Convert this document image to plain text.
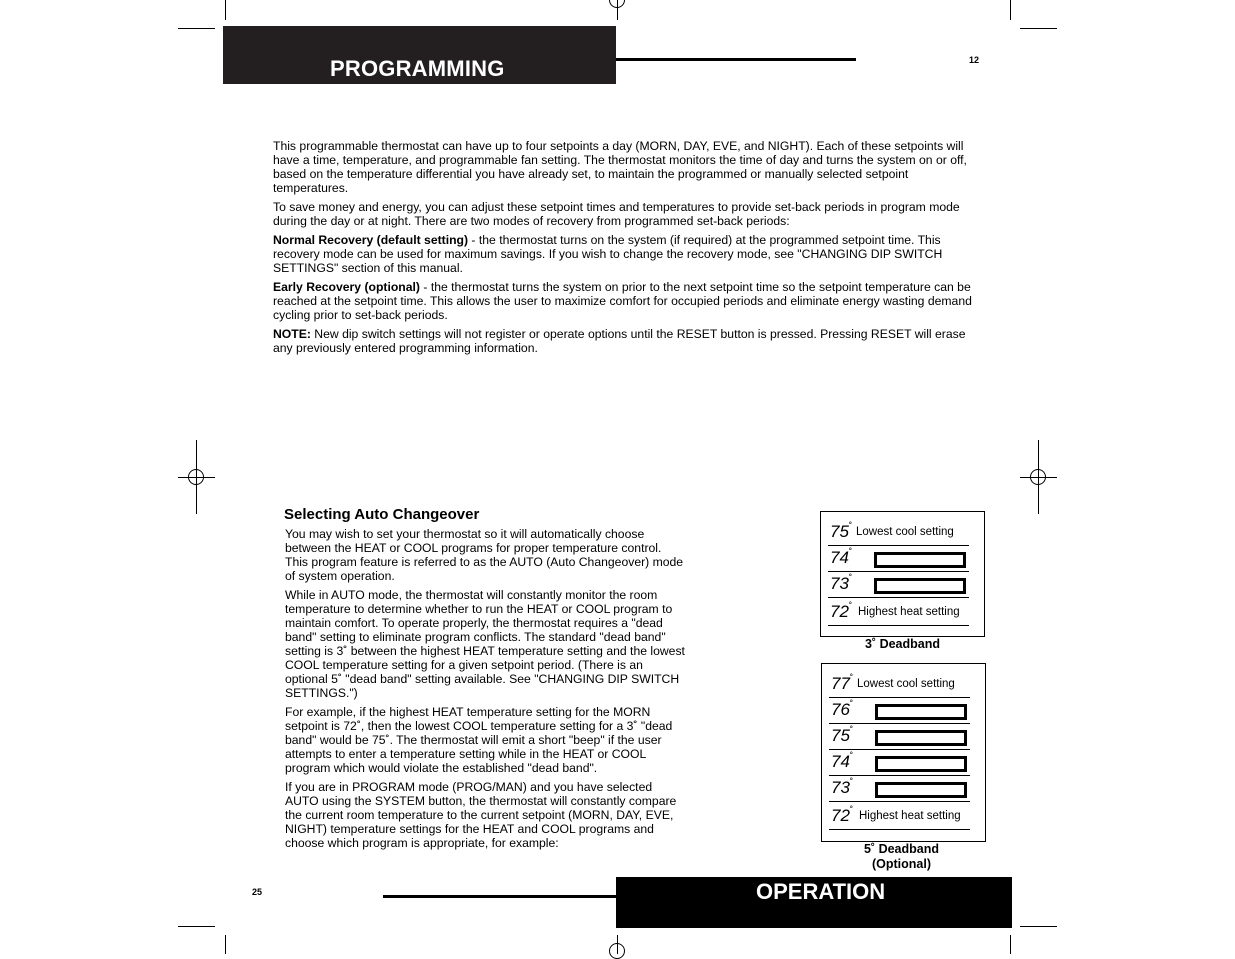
PROGRAMMING	12

This programmable thermostat can have up to four setpoints a day (MORN, DAY, EVE, and NIGHT). Each of these setpoints will have a time, temperature, and programmable fan setting. The thermostat monitors the time of day and turns the system on or off, based on the temperature differential you have already set, to maintain the programmed or manually selected setpoint temperatures.

To save money and energy, you can adjust these setpoint times and temperatures to provide set-back periods in program mode during the day or at night. There are two modes of recovery from programmed set-back periods:

Normal Recovery (default setting) - the thermostat turns on the system (if required) at the programmed setpoint time. This recovery mode can be used for maximum savings. If you wish to change the recovery mode, see "CHANGING DIP SWITCH SETTINGS" section of this manual.

Early Recovery (optional) - the thermostat turns the system on prior to the next setpoint time so the setpoint temperature can be reached at the setpoint time. This allows the user to maximize comfort for occupied periods and eliminate energy wasting demand cycling prior to set-back periods.

NOTE: New dip switch settings will not register or operate options until the RESET button is pressed. Pressing RESET will erase any previously entered programming information.

Selecting Auto Changeover

You may wish to set your thermostat so it will automatically choose between the HEAT or COOL programs for proper temperature control. This program feature is referred to as the AUTO (Auto Changeover) mode of system operation.

While in AUTO mode, the thermostat will constantly monitor the room temperature to determine whether to run the HEAT or COOL program to maintain comfort. To operate properly, the thermostat requires a "dead band" setting to eliminate program conflicts. The standard "dead band" setting is 3˚ between the highest HEAT temperature setting and the lowest COOL temperature setting for a given setpoint period. (There is an optional 5˚ "dead band" setting available. See "CHANGING DIP SWITCH SETTINGS.")

For example, if the highest HEAT temperature setting for the MORN setpoint is 72˚, then the lowest COOL temperature setting for a 3˚ "dead band" would be 75˚. The thermostat will emit a short "beep" if the user attempts to enter a temperature setting while in the HEAT or COOL program which would violate the established "dead band".

If you are in PROGRAM mode (PROG/MAN) and you have selected AUTO using the SYSTEM button, the thermostat will constantly compare the current room temperature to the current setpoint (MORN, DAY, EVE, NIGHT) temperature settings for the HEAT and COOL programs and choose which program is appropriate, for example:

75˚ Lowest cool setting
74˚
73˚
72˚ Highest heat setting
3˚ Deadband
77˚ Lowest cool setting
76˚
75˚
74˚
73˚
72˚ Highest heat setting
5˚ Deadband
(Optional)
25	OPERATION
